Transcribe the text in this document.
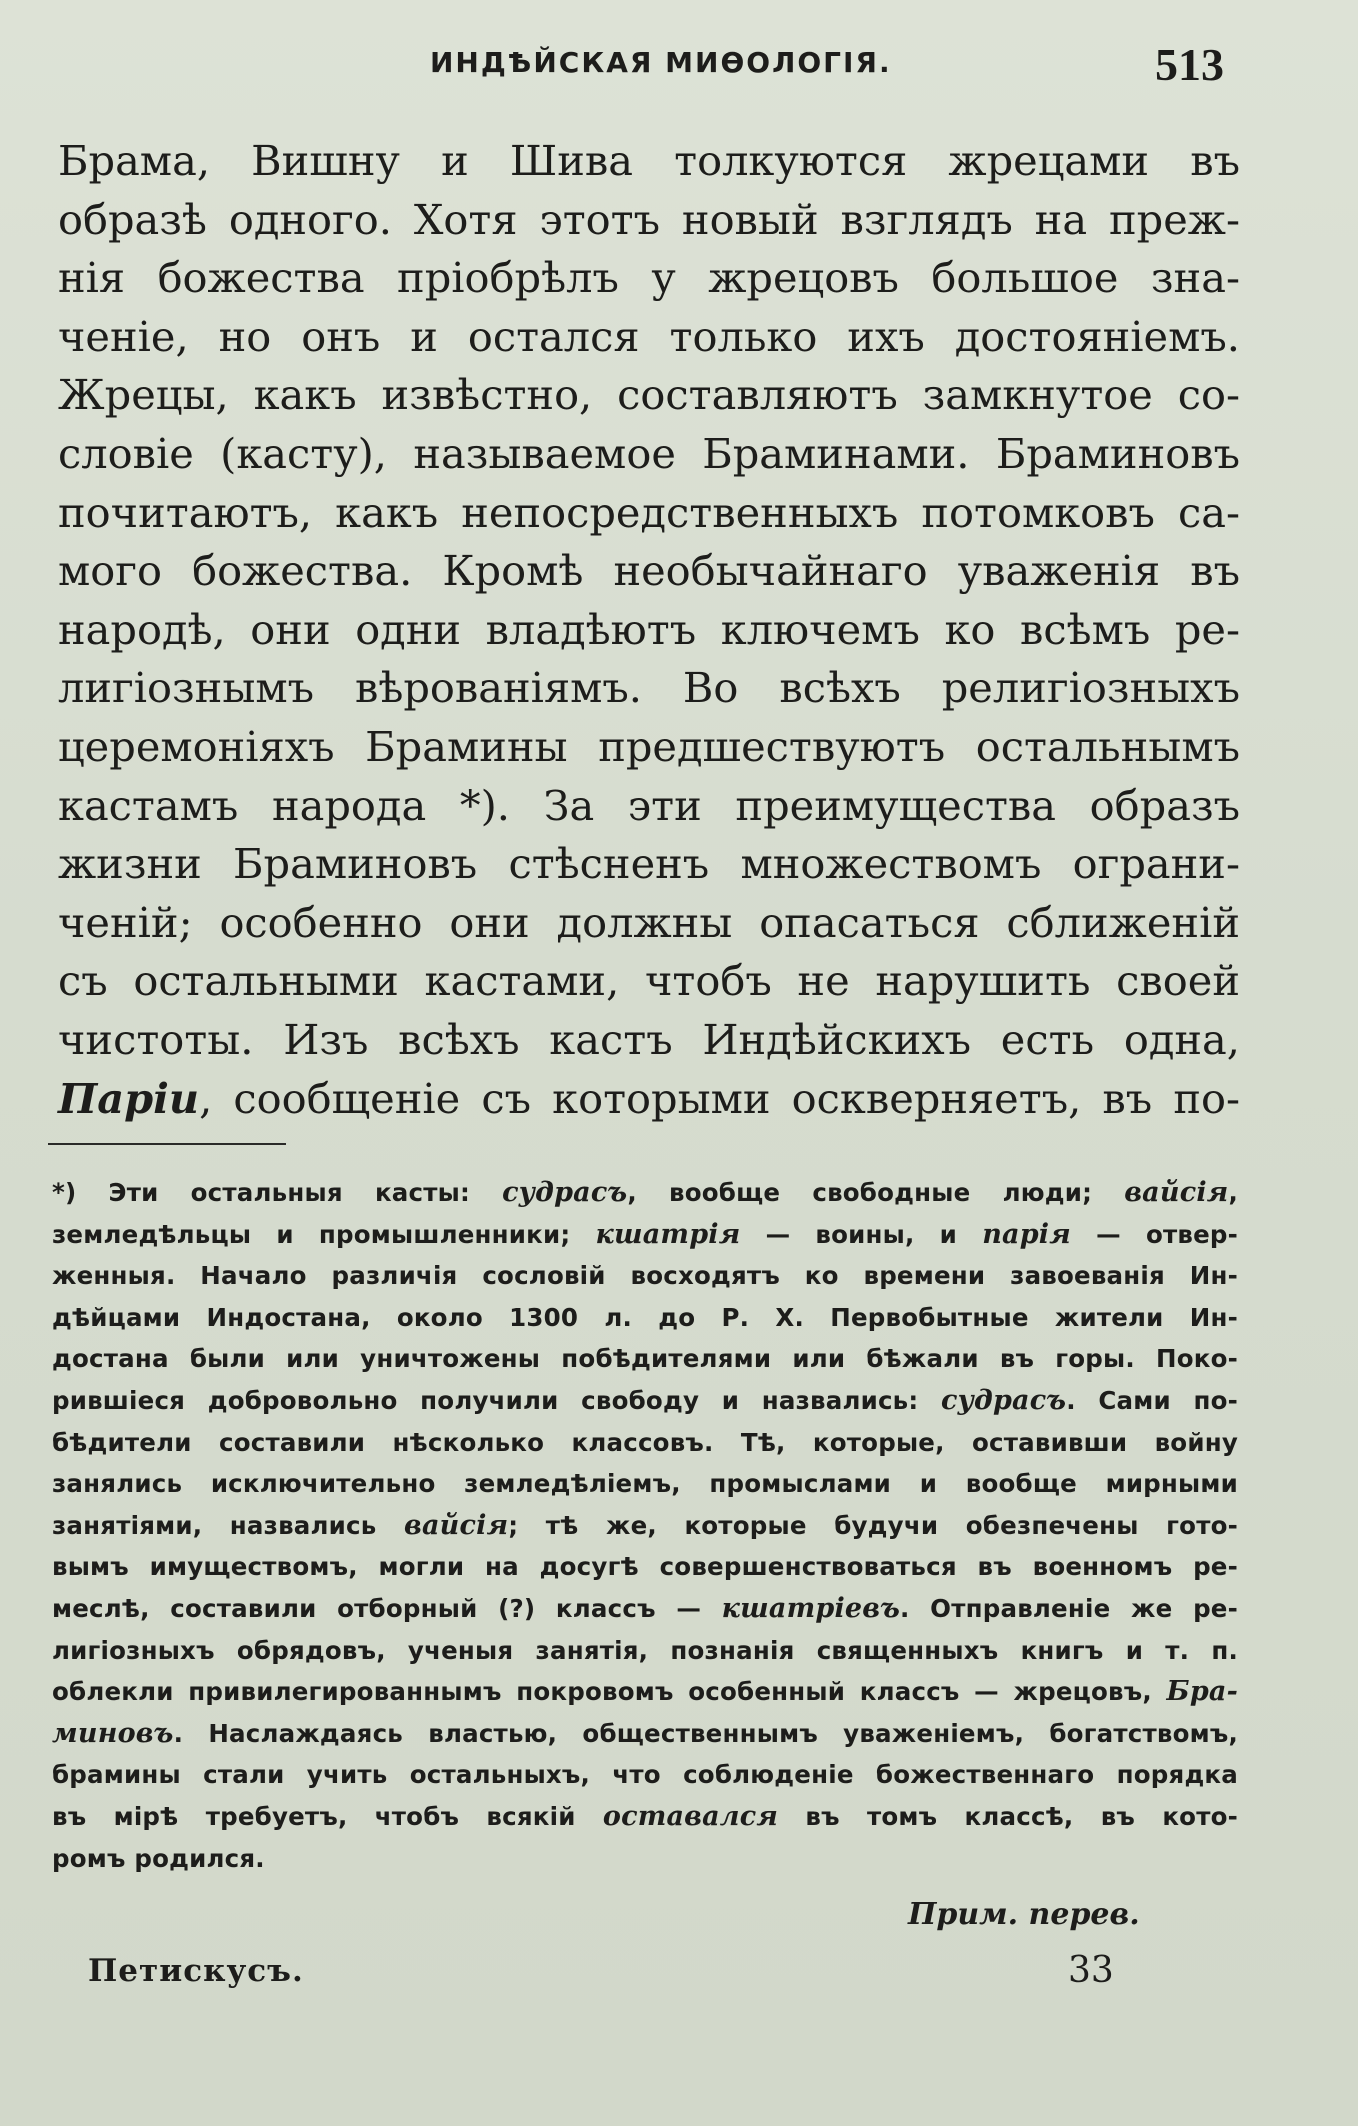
ИНДѢЙСКАЯ МИѲОЛОГІЯ.	513
Брама, Вишну и Шива толкуются жрецами въ
образѣ одного. Хотя этотъ новый взглядъ на преж-
нія божества пріобрѣлъ у жрецовъ большое зна-
ченіе, но онъ и остался только ихъ достояніемъ.
Жрецы, какъ извѣстно, составляютъ замкнутое со-
словіе (касту), называемое Браминами. Браминовъ
почитаютъ, какъ непосредственныхъ потомковъ са-
мого божества. Кромѣ необычайнаго уваженія въ
народѣ, они одни владѣютъ ключемъ ко всѣмъ ре-
лигіознымъ вѣрованіямъ. Во всѣхъ религіозныхъ
церемоніяхъ Брамины предшествуютъ остальнымъ
кастамъ народа *). За эти преимущества образъ
жизни Браминовъ стѣсненъ множествомъ ограни-
ченій; особенно они должны опасаться сближеній
съ остальными кастами, чтобъ не нарушить своей
чистоты. Изъ всѣхъ кастъ Индѣйскихъ есть одна,
Паріи, сообщеніе съ которыми оскверняетъ, въ по-
*) Эти остальныя касты: судрасъ, вообще свободные люди; вайсія,
земледѣльцы и промышленники; кшатрія — воины, и парія — отвер-
женныя. Начало различія сословій восходятъ ко времени завоеванія Ин-
дѣйцами Индостана, около 1300 л. до Р. Х. Первобытные жители Ин-
достана были или уничтожены побѣдителями или бѣжали въ горы. Поко-
рившіеся добровольно получили свободу и назвались: судрасъ. Сами по-
бѣдители составили нѣсколько классовъ. Тѣ, которые, оставивши войну
занялись исключительно земледѣліемъ, промыслами и вообще мирными
занятіями, назвались вайсія; тѣ же, которые будучи обезпечены гото-
вымъ имуществомъ, могли на досугѣ совершенствоваться въ военномъ ре-
меслѣ, составили отборный (?) классъ — кшатріевъ. Отправленіе же ре-
лигіозныхъ обрядовъ, ученыя занятія, познанія священныхъ книгъ и т. п.
облекли привилегированнымъ покровомъ особенный классъ — жрецовъ, Бра-
миновъ. Наслаждаясь властью, общественнымъ уваженіемъ, богатствомъ,
брамины стали учить остальныхъ, что соблюденіе божественнаго порядка
въ мірѣ требуетъ, чтобъ всякій оставался въ томъ классѣ, въ кото-
ромъ родился.
Прим. перев.
Петискусъ.	33
